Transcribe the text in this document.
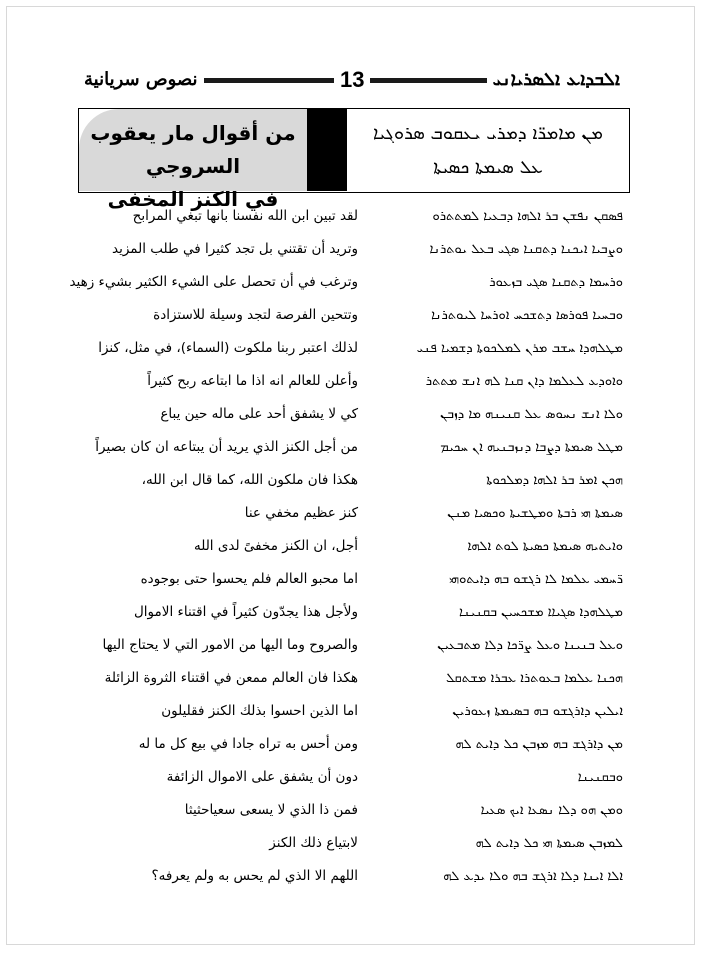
ܐܠܒܕܐܥ ܐܠܣܪܝܐܢܝ
13
نصوص سريانية
ܡܢ ܡܐܡܪ̈ܐ ܕܡܪܝ ܝܥܩܘܒ ܣܪܘܓܝܐ
ܥܠ ܣܝܡܬܐ ܟܣܝܬܐ
من أقوال مار يعقوب السروجي
في الكنز المخفى
ܦܣܩܢ ܢܦܫܢ ܒܪ ܐܠܗܐ ܕܒܥܝܐ ܠܡܬܬܪܘ
لقد تبين ابن الله نفسنا بانها تبغي المرابح
ܘܨܒܝܐ ܐܝܟܢܐ ܕܬܩܢܐ ܣܓܝ ܒܥܠ ܝܘܬܪܢܐ
وتريد أن تقتني بل تجد كثيرا في طلب المزيد
ܘܪܚܡܐ ܕܬܩܢܐ ܣܓܝ ܒܙܥܘܪ
وترغب في أن تحصل على الشيء الكثير بشيء زهيد
ܘܒܚܝܐ ܦܘܪܣܐ ܕܬܫܟܚ ܐܘܪܚܐ ܠܝܘܬܪܢܐ
وتتحين الفرصة لتجد وسيلة للاستزادة
ܡܛܠܗܕܐ ܚܫܒ ܡܪܢ ܠܡܠܟܘܬܐ ܕܫܡܝܐ ܦܢܝ
لذلك اعتبر ربنا ملكوت (السماء)، في مثل، كنزا
ܘܐܘܕܥ ܠܥܠܡܐ ܕܐܢ ܩܢܐ ܠܗ ܐܢܫ ܡܬܬܪ
وأعلن للعالم انه اذا ما ابتاعه ربح كثيراً
ܘܠܐ ܐܢܫ ܢܚܘܣ ܥܠ ܩܢܝܢܗ ܡܐ ܕܙܒܢ
كي لا يشفق أحد على ماله حين يباع
ܡܛܠ ܣܝܡܬܐ ܕܨܒܐ ܕܢܙܒܢܝܗ ܐܢ ܚܟܝܡ
من أجل الكنز الذي يريد أن يبتاعه ان كان بصيراً
ܗܟܢ ܐܡܪ ܒܪ ܐܠܗܐ ܕܡܠܟܘܬܐ
هكذا فان ملكون الله، كما قال ابن الله،
ܣܝܡܬܐ ܗܝ ܪܒܬܐ ܘܡܛܫܝܬܐ ܘܟܣܝܐ ܡܢܢ
كنز عظيم مخفي عنا
ܘܐܝܬܝܗ ܣܝܡܬܐ ܟܣܝܬܐ ܠܘܬ ܐܠܗܐ
أجل، ان الكنز مخفىً لدى الله
ܪ̈ܚܡܝ ܥܠܡܐ ܠܐ ܪܓܫܘ ܒܗ ܕܐܝܬܘܗܝ
اما محبو العالم فلم يحسوا حتى بوجوده
ܡܛܠܗܕܐ ܣܓܝܐܐ ܡܫܟܚܝܢ ܒܩܢܝܢܐ
ولأجل هذا يجدّون كثيراً في اقتناء الاموال
ܘܥܠ ܒܢܝܢܐ ܘܥܠ ܨܪ̈ܟܐ ܕܠܐ ܡܬܒܥܝܢ
والصروح وما اليها من الامور التي لا يحتاج اليها
ܗܟܢܐ ܥܠܡܐ ܒܥܘܬܪܐ ܥܒܪܐ ܡܫܬܩܠ
هكذا فان العالم ممعن في اقتناء الثروة الزائلة
ܐܝܠܝܢ ܕܐܪܓܫܘ ܒܗ ܒܣܝܡܬܐ ܙܥܘܪܝܢ
اما الذين احسوا بذلك الكنز فقليلون
ܡܢ ܕܐܪܓܫ ܒܗ ܡܙܒܢ ܟܠ ܕܐܝܬ ܠܗ
ومن أحس به تراه جادا في بيع كل ما له
ܘܒܩܢܝܢܐ
دون أن يشفق على الاموال الزائفة
ܘܡܢ ܗܘ ܕܠܐ ܢܣܥܐ ܐܝܟ ܣܥܝܐ
فمن ذا الذي لا يسعى سعياحثيثا
ܠܡܙܒܢ ܣܝܡܬܐ ܗܝ ܟܠ ܕܐܝܬ ܠܗ
لابتياع ذلك الكنز
ܐܠܐ ܐܝܢܐ ܕܠܐ ܐܪܓܫ ܒܗ ܘܠܐ ܝܕܥ ܠܗ
اللهم الا الذي لم يحس به ولم يعرفه؟
